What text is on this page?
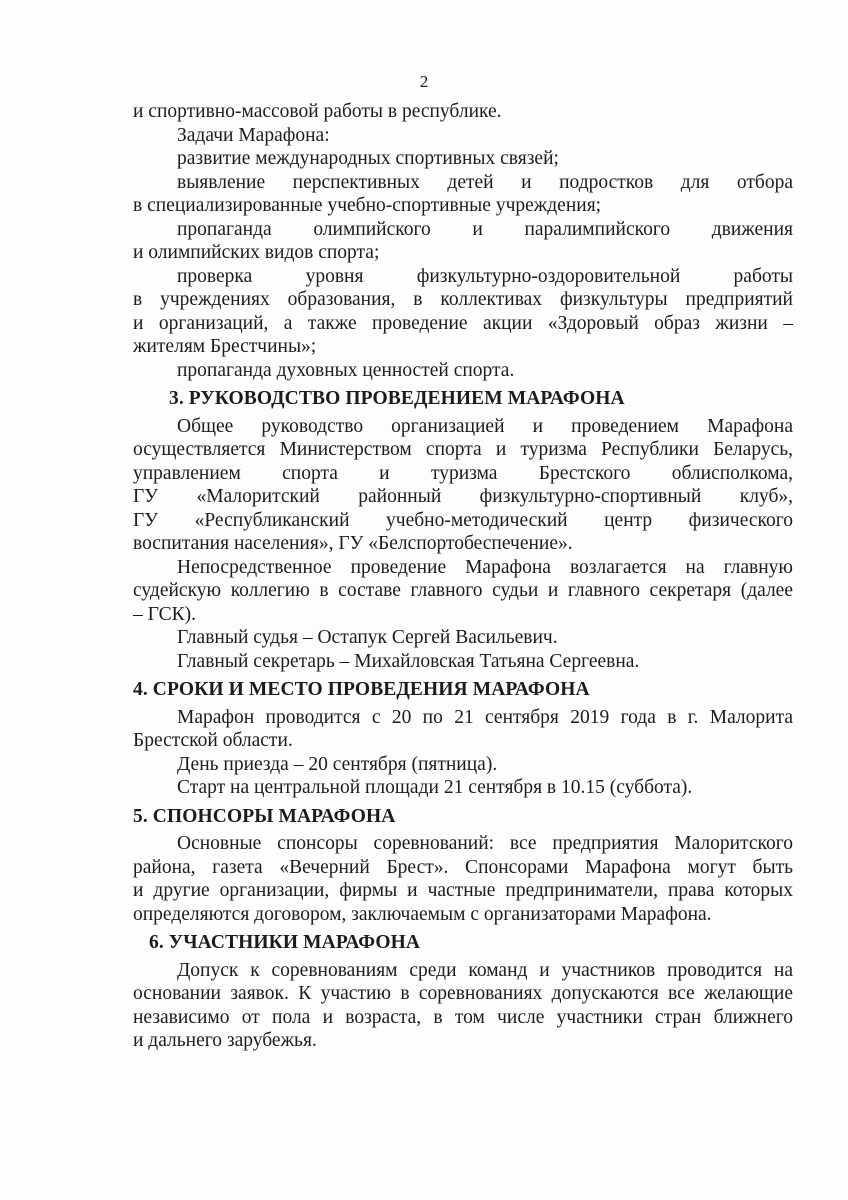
2

и спортивно-массовой работы в республике.

Задачи Марафона:

развитие международных спортивных связей;

выявление перспективных детей и подростков для отбора
в специализированные учебно-спортивные учреждения;
пропаганда олимпийского и паралимпийского движения
и олимпийских видов спорта;
проверка уровня физкультурно-оздоровительной работы
в учреждениях образования, в коллективах физкультуры предприятий
и организаций, а также проведение акции «Здоровый образ жизни –
жителям Брестчины»;
пропаганда духовных ценностей спорта.

3. РУКОВОДСТВО ПРОВЕДЕНИЕМ МАРАФОНА

Общее руководство организацией и проведением Марафона
осуществляется Министерством спорта и туризма Республики Беларусь,
управлением спорта и туризма Брестского облисполкома,
ГУ «Малоритский районный физкультурно-спортивный клуб»,
ГУ «Республиканский учебно-методический центр физического
воспитания населения», ГУ «Белспортобеспечение».
Непосредственное проведение Марафона возлагается на главную
судейскую коллегию в составе главного судьи и главного секретаря (далее
– ГСК).
Главный судья – Остапук Сергей Васильевич.
Главный секретарь – Михайловская Татьяна Сергеевна.

4. СРОКИ И МЕСТО ПРОВЕДЕНИЯ МАРАФОНА

Марафон проводится с 20 по 21 сентября 2019 года в г. Малорита
Брестской области.
День приезда – 20 сентября (пятница).
Старт на центральной площади 21 сентября в 10.15 (суббота).

5. СПОНСОРЫ МАРАФОНА

Основные спонсоры соревнований: все предприятия Малоритского
района, газета «Вечерний Брест». Спонсорами Марафона могут быть
и другие организации, фирмы и частные предприниматели, права которых
определяются договором, заключаемым с организаторами Марафона.

6. УЧАСТНИКИ МАРАФОНА

Допуск к соревнованиям среди команд и участников проводится на
основании заявок. К участию в соревнованиях допускаются все желающие
независимо от пола и возраста, в том числе участники стран ближнего
и дальнего зарубежья.
